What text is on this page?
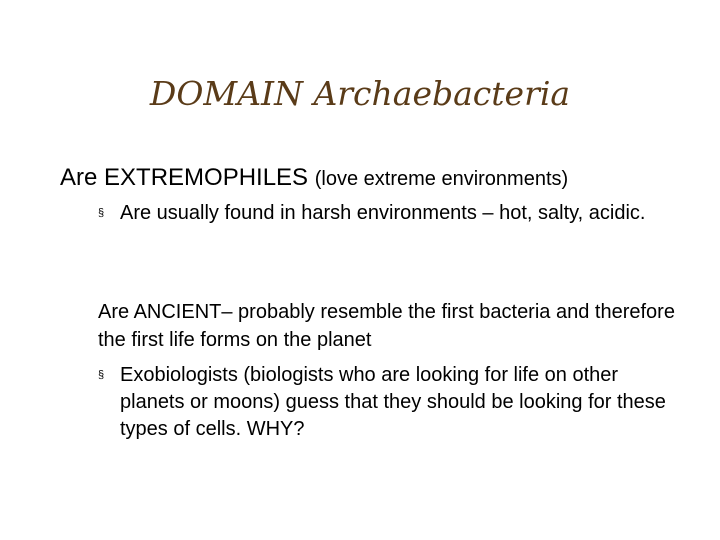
DOMAIN Archaebacteria
Are EXTREMOPHILES (love extreme environments)
§ Are usually found in harsh environments – hot, salty, acidic.
Are ANCIENT– probably resemble the first bacteria and therefore the first life forms on the planet
§ Exobiologists (biologists who are looking for life on other planets or moons) guess that they should be looking for these types of cells. WHY?
